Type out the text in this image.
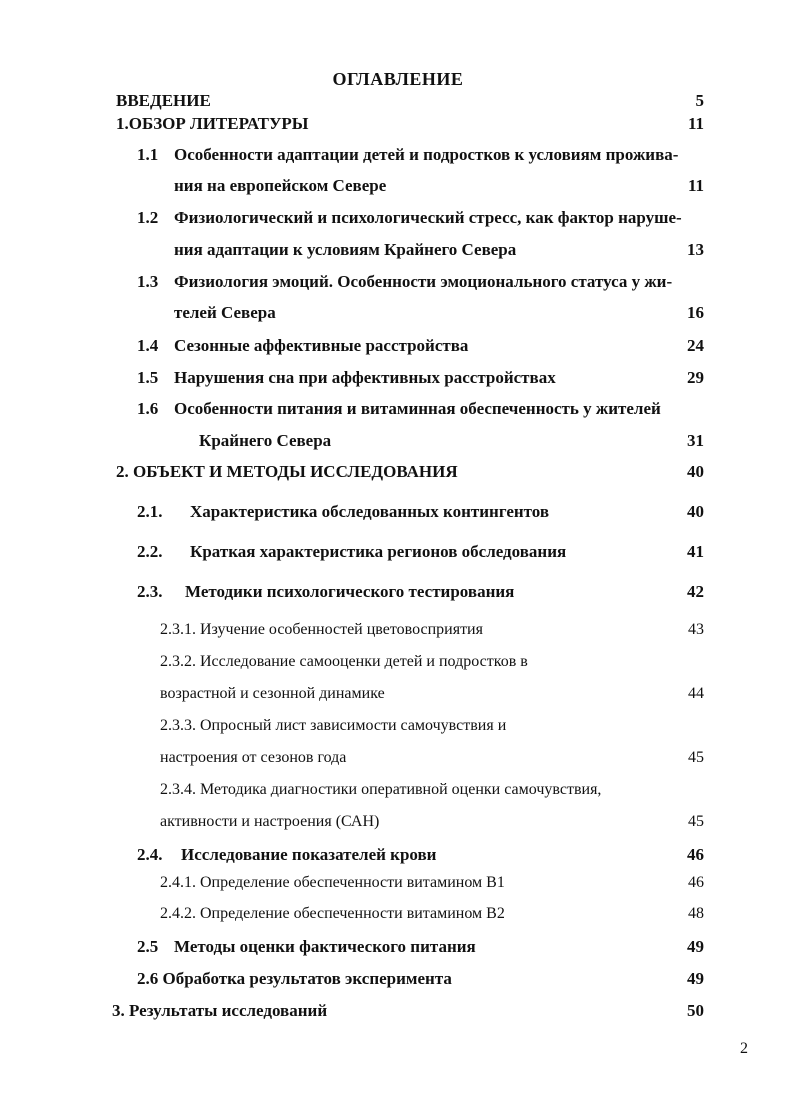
ОГЛАВЛЕНИЕ
ВВЕДЕНИЕ	5
1.ОБЗОР ЛИТЕРАТУРЫ	11
1.1 Особенности адаптации детей и подростков к условиям прожива-
ния на европейском Севере	11
1.2 Физиологический и психологический стресс, как фактор наруше-
ния адаптации к условиям Крайнего Севера	13
1.3 Физиология эмоций. Особенности эмоционального статуса у жи-
телей Севера	16
1.4 Сезонные аффективные расстройства	24
1.5 Нарушения сна при аффективных расстройствах	29
1.6 Особенности питания и витаминная обеспеченность у жителей
Крайнего Севера	31
2. ОБЪЕКТ И МЕТОДЫ ИССЛЕДОВАНИЯ	40
2.1. Характеристика обследованных контингентов	40
2.2. Краткая характеристика регионов обследования	41
2.3. Методики психологического тестирования	42
2.3.1. Изучение особенностей цветовосприятия	43
2.3.2. Исследование самооценки детей и подростков в
возрастной и сезонной динамике	44
2.3.3. Опросный лист зависимости самочувствия и
настроения от сезонов года	45
2.3.4. Методика диагностики оперативной оценки самочувствия,
активности и настроения (САН)	45
2.4. Исследование показателей крови	46
2.4.1. Определение обеспеченности витамином В1	46
2.4.2. Определение обеспеченности витамином В2	48
2.5 Методы оценки фактического питания	49
2.6 Обработка результатов эксперимента	49
3. Результаты исследований	50
2
